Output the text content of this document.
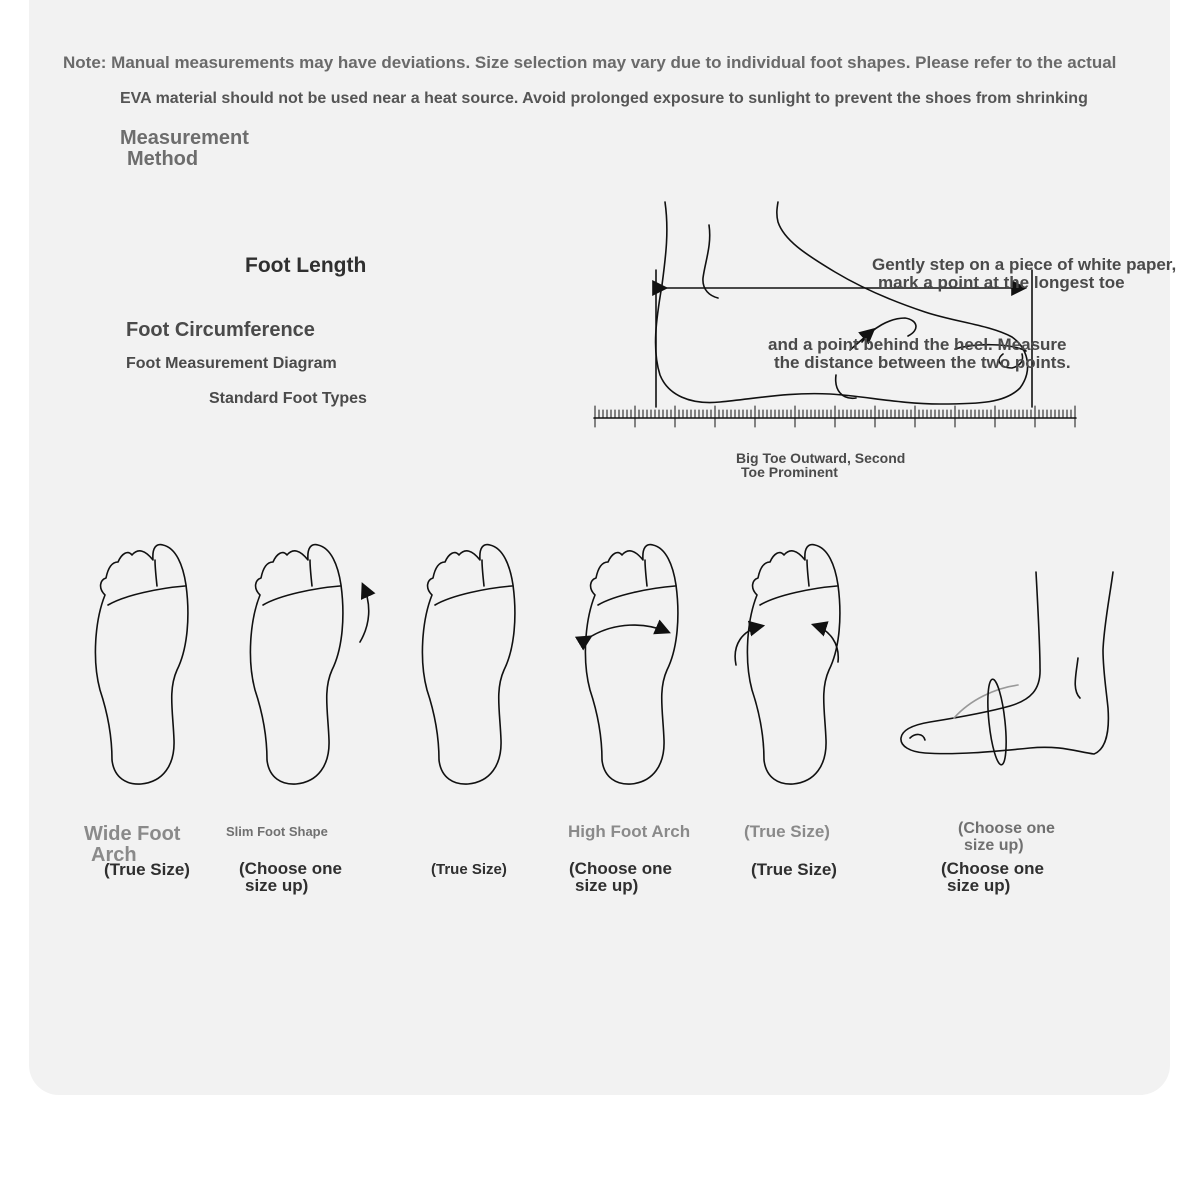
Note: Manual measurements may have deviations. Size selection may vary due to individual foot shapes. Please refer to the actual
EVA material should not be used near a heat source. Avoid prolonged exposure to sunlight to prevent the shoes from shrinking
Measurement
Method
Foot Length
Foot Circumference
Foot Measurement Diagram
Standard Foot Types
Gently step on a piece of white paper,
mark a point at the longest toe
and a point behind the heel. Measure
the distance between the two points.
Big Toe Outward, Second
Toe Prominent
Wide Foot
Arch
Slim Foot Shape	High Foot Arch	(True Size)	(Choose one
size up)
(True Size)	(Choose one
size up)
(True Size)	(Choose one
size up)
(True Size)	(Choose one
size up)
